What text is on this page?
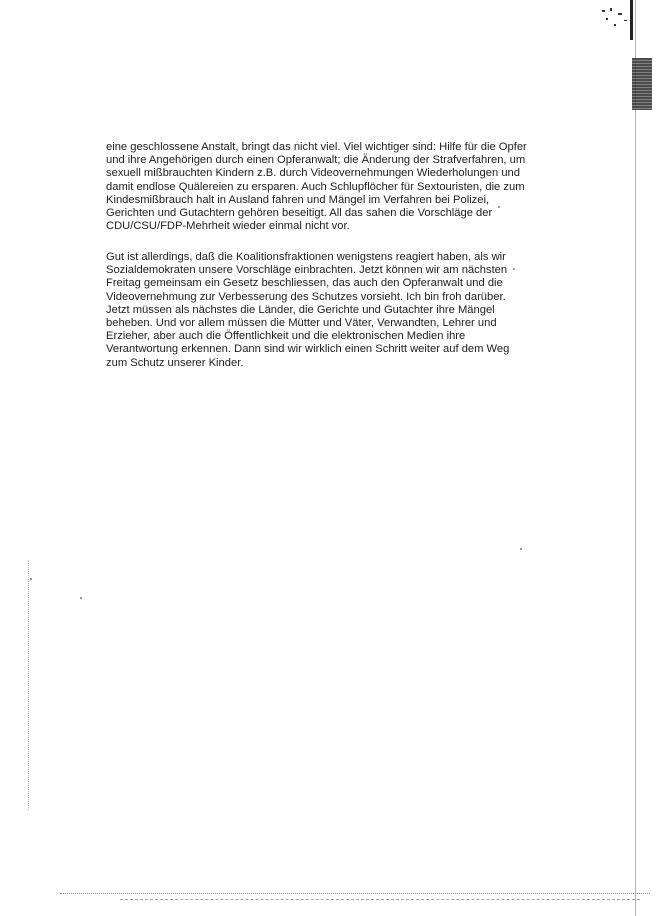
eine geschlossene Anstalt, bringt das nicht viel. Viel wichtiger sind: Hilfe für die Opfer
und ihre Angehörigen durch einen Opferanwalt; die Änderung der Strafverfahren, um
sexuell mißbrauchten Kindern z.B. durch Videovernehmungen Wiederholungen und
damit endlose Quälereien zu ersparen. Auch Schlupflöcher für Sextouristen, die zum
Kindesmißbrauch halt in Ausland fahren und Mängel im Verfahren bei Polizei,
Gerichten und Gutachtern gehören beseitigt. All das sahen die Vorschläge der
CDU/CSU/FDP-Mehrheit wieder einmal nicht vor.

Gut ist allerdings, daß die Koalitionsfraktionen wenigstens reagiert haben, als wir
Sozialdemokraten unsere Vorschläge einbrachten. Jetzt können wir am nächsten
Freitag gemeinsam ein Gesetz beschliessen, das auch den Opferanwalt und die
Videovernehmung zur Verbesserung des Schutzes vorsieht. Ich bin froh darüber.
Jetzt müssen als nächstes die Länder, die Gerichte und Gutachter ihre Mängel
beheben. Und vor allem müssen die Mütter und Väter, Verwandten, Lehrer und
Erzieher, aber auch die Öffentlichkeit und die elektronischen Medien ihre
Verantwortung erkennen. Dann sind wir wirklich einen Schritt weiter auf dem Weg
zum Schutz unserer Kinder.
